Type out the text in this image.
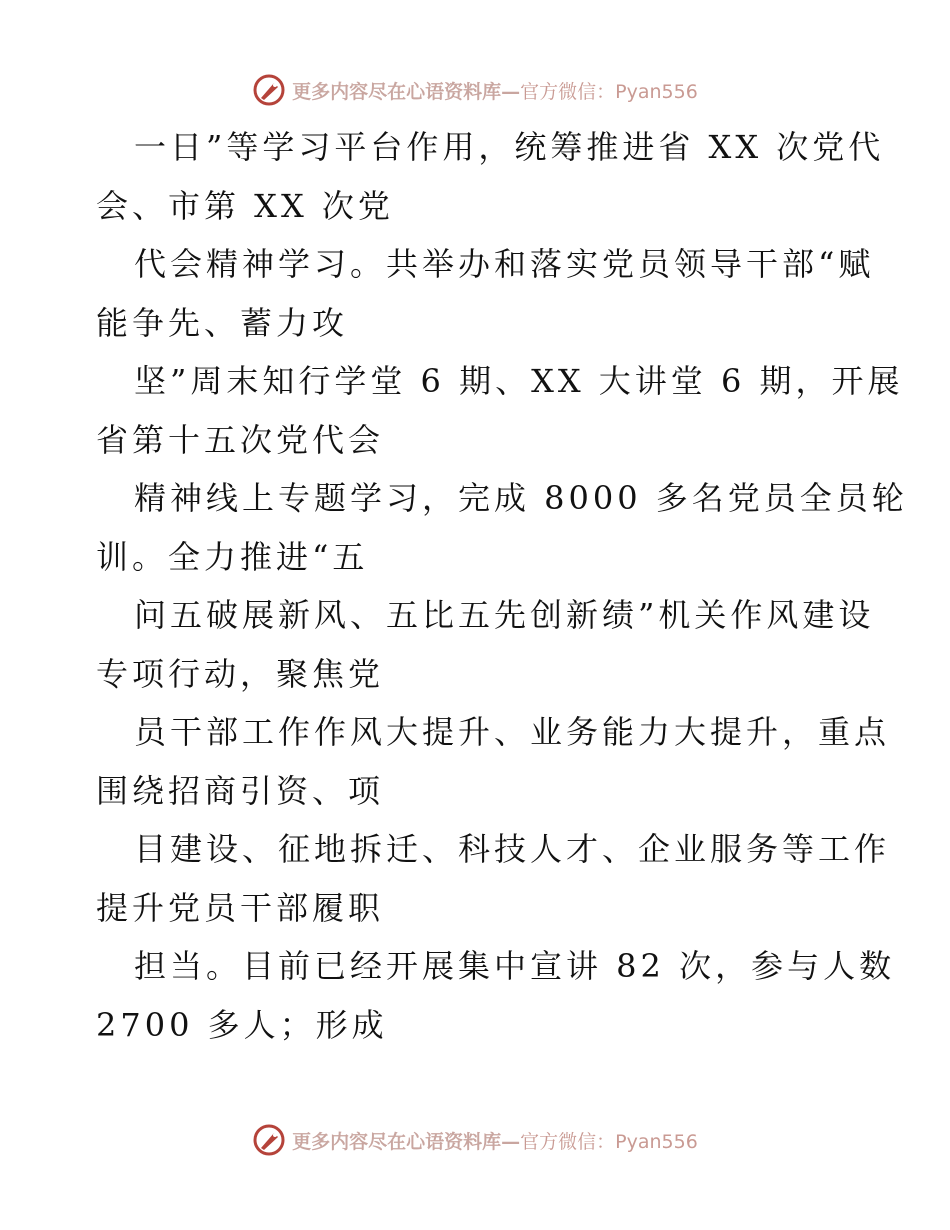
更多内容尽在心语资料库—官方微信：Pyan556
一日”等学习平台作用，统筹推进省 XX 次党代
会、市第 XX 次党
代会精神学习。共举办和落实党员领导干部“赋
能争先、蓄力攻
坚”周末知行学堂 6 期、XX 大讲堂 6 期，开展
省第十五次党代会
精神线上专题学习，完成 8000 多名党员全员轮
训。全力推进“五
问五破展新风、五比五先创新绩”机关作风建设
专项行动，聚焦党
员干部工作作风大提升、业务能力大提升，重点
围绕招商引资、项
目建设、征地拆迁、科技人才、企业服务等工作
提升党员干部履职
担当。目前已经开展集中宣讲 82 次，参与人数
2700 多人；形成
更多内容尽在心语资料库—官方微信：Pyan556
